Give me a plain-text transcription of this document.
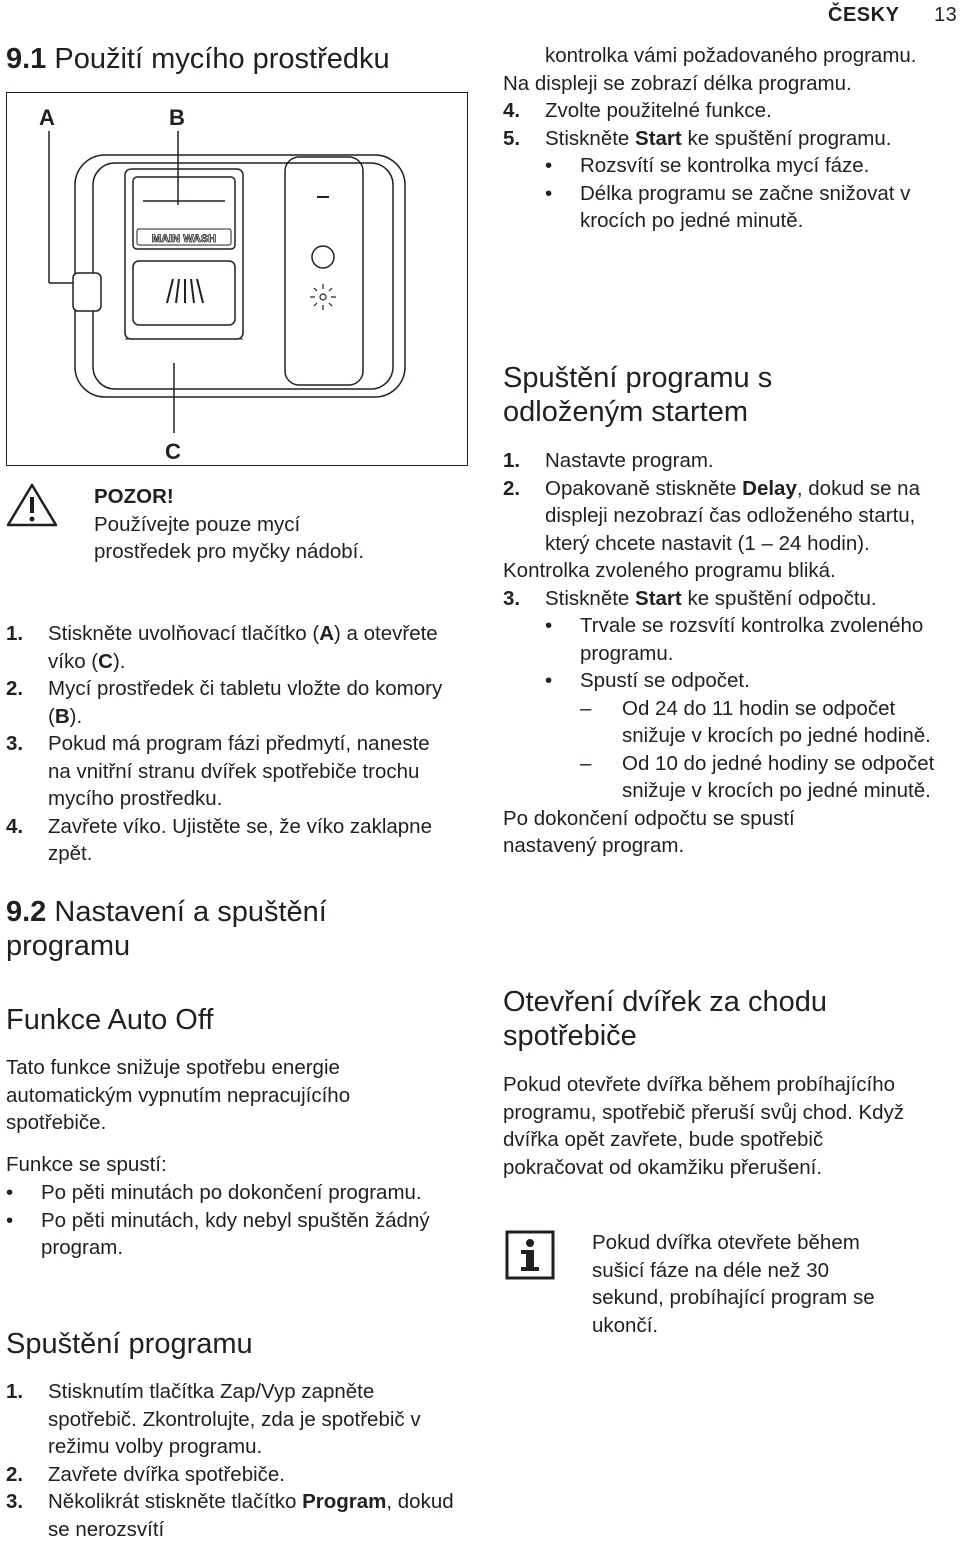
ČESKY 13
9.1 Použití mycího prostředku
A	B
C
MAIN WASH
POZOR!
Používejte pouze mycí prostředek pro myčky nádobí.
1.	Stiskněte uvolňovací tlačítko (A) a otevřete víko (C).
2.	Mycí prostředek či tabletu vložte do komory (B).
3.	Pokud má program fázi předmytí, naneste na vnitřní stranu dvířek spotřebiče trochu mycího prostředku.
4.	Zavřete víko. Ujistěte se, že víko zaklapne zpět.
9.2 Nastavení a spuštění programu
Funkce Auto Off
Tato funkce snižuje spotřebu energie automatickým vypnutím nepracujícího spotřebiče.
Funkce se spustí:
• Po pěti minutách po dokončení programu.
• Po pěti minutách, kdy nebyl spuštěn žádný program.
Spuštění programu
1.	Stisknutím tlačítka Zap/Vyp zapněte spotřebič. Zkontrolujte, zda je spotřebič v režimu volby programu.
2.	Zavřete dvířka spotřebiče.
3.	Několikrát stiskněte tlačítko Program, dokud se nerozsvítí
kontrolka vámi požadovaného programu.
Na displeji se zobrazí délka programu.
4.	Zvolte použitelné funkce.
5.	Stiskněte Start ke spuštění programu.
• Rozsvítí se kontrolka mycí fáze.
• Délka programu se začne snižovat v krocích po jedné minutě.
Spuštění programu s odloženým startem
1.	Nastavte program.
2.	Opakovaně stiskněte Delay, dokud se na displeji nezobrazí čas odloženého startu, který chcete nastavit (1 – 24 hodin).
Kontrolka zvoleného programu bliká.
3.	Stiskněte Start ke spuštění odpočtu.
• Trvale se rozsvítí kontrolka zvoleného programu.
• Spustí se odpočet.
– Od 24 do 11 hodin se odpočet snižuje v krocích po jedné hodině.
– Od 10 do jedné hodiny se odpočet snižuje v krocích po jedné minutě.
Po dokončení odpočtu se spustí nastavený program.
Otevření dvířek za chodu spotřebiče
Pokud otevřete dvířka během probíhajícího programu, spotřebič přeruší svůj chod. Když dvířka opět zavřete, bude spotřebič pokračovat od okamžiku přerušení.
Pokud dvířka otevřete během sušicí fáze na déle než 30 sekund, probíhající program se ukončí.
